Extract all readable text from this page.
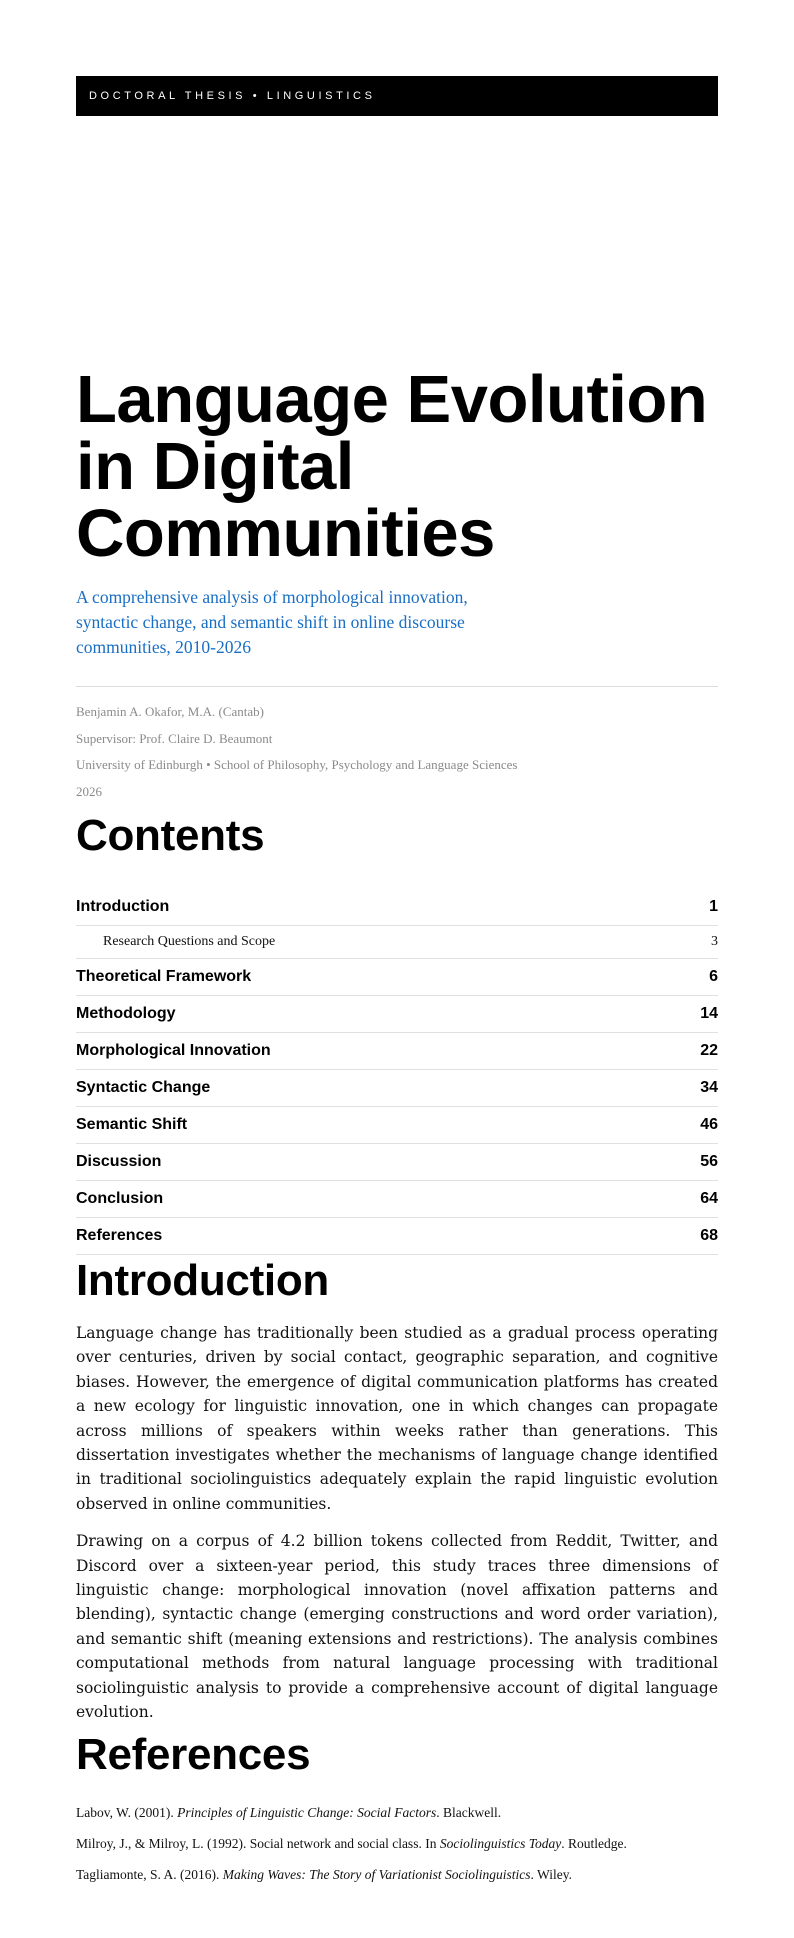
DOCTORAL THESIS • LINGUISTICS
Language Evolution
in Digital
Communities
A comprehensive analysis of morphological innovation, syntactic change, and semantic shift in online discourse communities, 2010-2026
Benjamin A. Okafor, M.A. (Cantab)
Supervisor: Prof. Claire D. Beaumont
University of Edinburgh • School of Philosophy, Psychology and Language Sciences
2026
Contents
Introduction	1
Research Questions and Scope	3
Theoretical Framework	6
Methodology	14
Morphological Innovation	22
Syntactic Change	34
Semantic Shift	46
Discussion	56
Conclusion	64
References	68
Introduction

Language change has traditionally been studied as a gradual process operating over centuries, driven by social contact, geographic separation, and cognitive biases. However, the emergence of digital communication platforms has created a new ecology for linguistic innovation, one in which changes can propagate across millions of speakers within weeks rather than generations. This dissertation investigates whether the mechanisms of language change identified in traditional sociolinguistics adequately explain the rapid linguistic evolution observed in online communities.

Drawing on a corpus of 4.2 billion tokens collected from Reddit, Twitter, and Discord over a sixteen-year period, this study traces three dimensions of linguistic change: morphological innovation (novel affixation patterns and blending), syntactic change (emerging constructions and word order variation), and semantic shift (meaning extensions and restrictions). The analysis combines computational methods from natural language processing with traditional sociolinguistic analysis to provide a comprehensive account of digital language evolution.

References
Labov, W. (2001). Principles of Linguistic Change: Social Factors. Blackwell.
Milroy, J., & Milroy, L. (1992). Social network and social class. In Sociolinguistics Today. Routledge.
Tagliamonte, S. A. (2016). Making Waves: The Story of Variationist Sociolinguistics. Wiley.
